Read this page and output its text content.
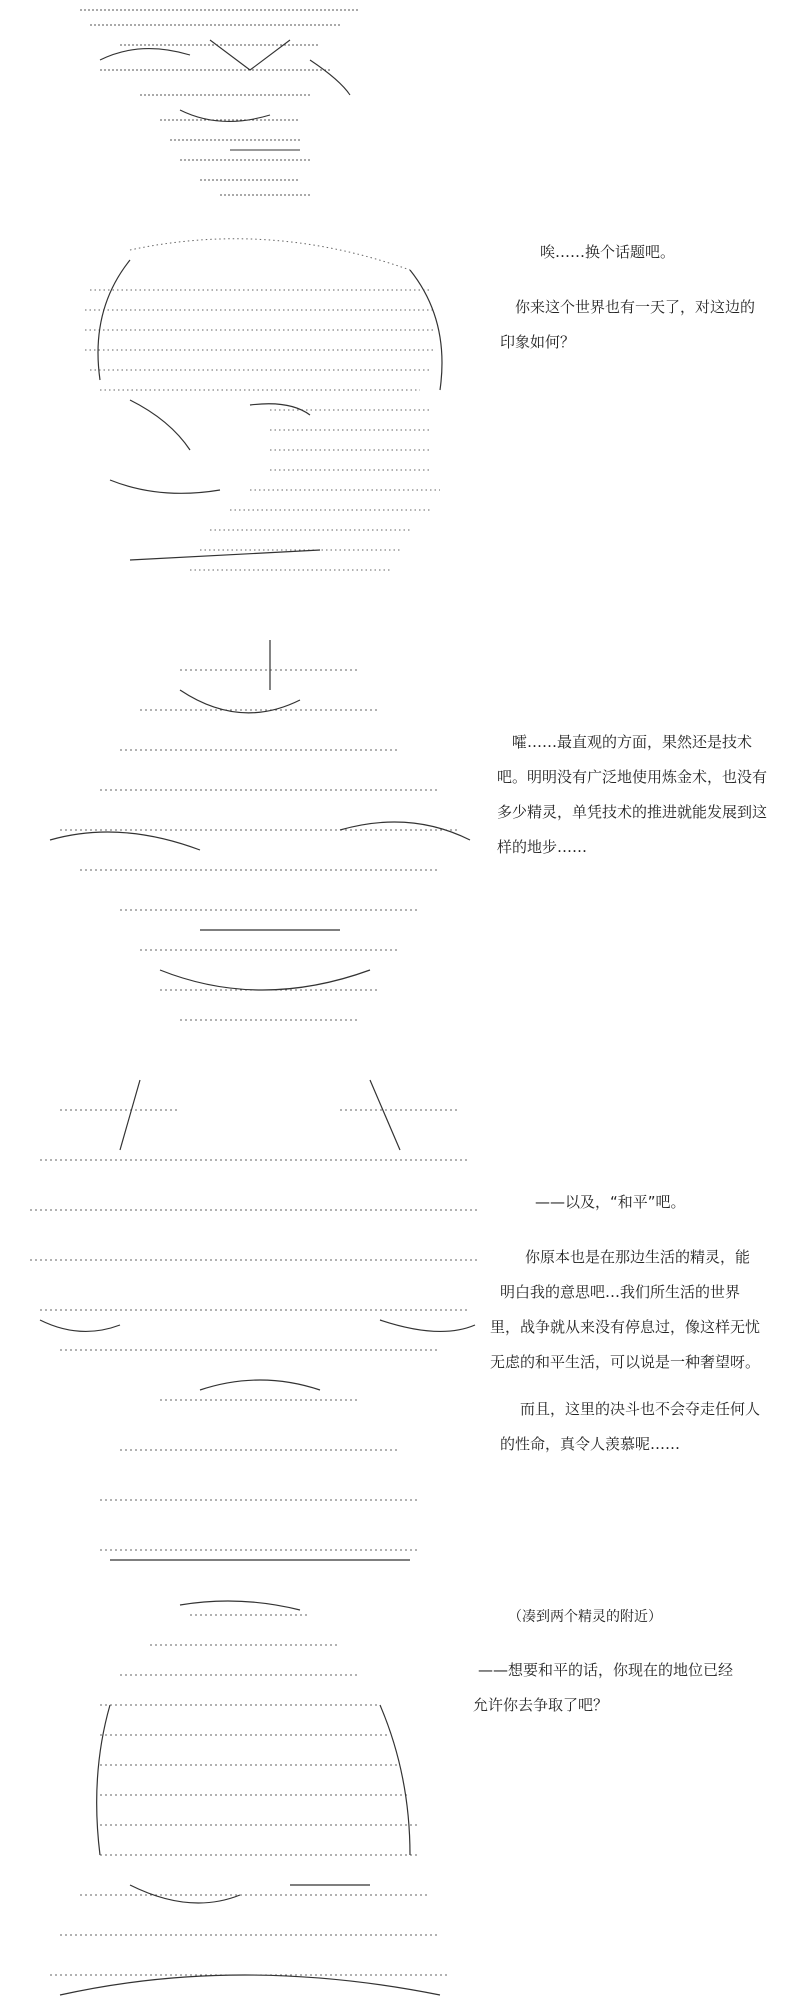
唉……换个话题吧。

你来这个世界也有一天了，对这边的

印象如何？

嚯……最直观的方面，果然还是技术

吧。明明没有广泛地使用炼金术，也没有

多少精灵，单凭技术的推进就能发展到这

样的地步……

——以及，“和平”吧。

你原本也是在那边生活的精灵，能

明白我的意思吧…我们所生活的世界

里，战争就从来没有停息过，像这样无忧

无虑的和平生活，可以说是一种奢望呀。

而且，这里的决斗也不会夺走任何人

的性命，真令人羡慕呢……

（凑到两个精灵的附近）

——想要和平的话，你现在的地位已经

允许你去争取了吧？
